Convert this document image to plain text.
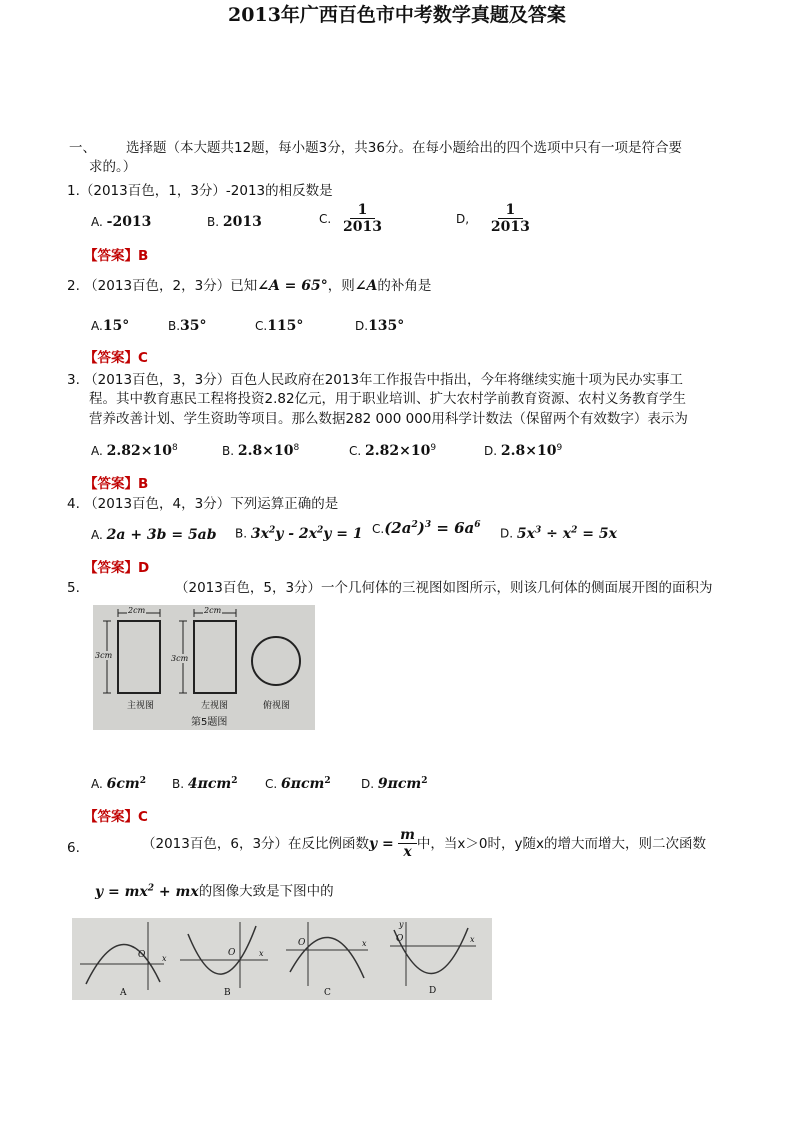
2013年广西百色市中考数学真题及答案
一、 选择题（本大题共12题，每小题3分，共36分。在每小题给出的四个选项中只有一项是符合要
求的。）
1.（2013百色，1，3分）-2013的相反数是
A. -2013	B. 2013	C. $\frac{1}{2013}$	D, $\frac{1}{2013}$
【答案】B
2. （2013百色，2，3分）已知∠A = 65°，则∠A的补角是
A.15°	B.35°	C.115°	D.135°
【答案】C
3. （2013百色，3，3分）百色人民政府在2013年工作报告中指出，今年将继续实施十项为民办实事工
程。其中教育惠民工程将投资2.82亿元，用于职业培训、扩大农村学前教育资源、农村义务教育学生
营养改善计划、学生资助等项目。那么数据282 000 000用科学计数法（保留两个有效数字）表示为
A. $2.82\times 10^8$	B. $2.8\times 10^8$	C. $2.82\times 10^9$	D. $2.8\times 10^9$
【答案】B
4. （2013百色，4，3分）下列运算正确的是
A. 2a + 3b = 5ab B. $3x^2y - 2x^2y = 1$ $C.(2a^2)^3 = 6a^6$
D. $5x^3 \div x^2 = 5x$
【答案】D
5.	（2013百色，5，3分）一个几何体的三视图如图所示，则该几何体的侧面展开图的面积为
2cm	2cm
3cm	3cm
主视图	左视图	俯视图
第5题图
A. $6cm^2$ B. 4πcm$^2$ C. 6πcm$^2$	D. 9πcm$^2$
【答案】C
6.	（2013百色，6，3分）在反比例函数$y = \frac{m}{x}$ 中，当x＞0时，y随x的增大而增大，则二次函数
$y = mx^2$ + mx的图像大致是下图中的
O	O
O	O
x
x
x	x
y
A	B	C	D
